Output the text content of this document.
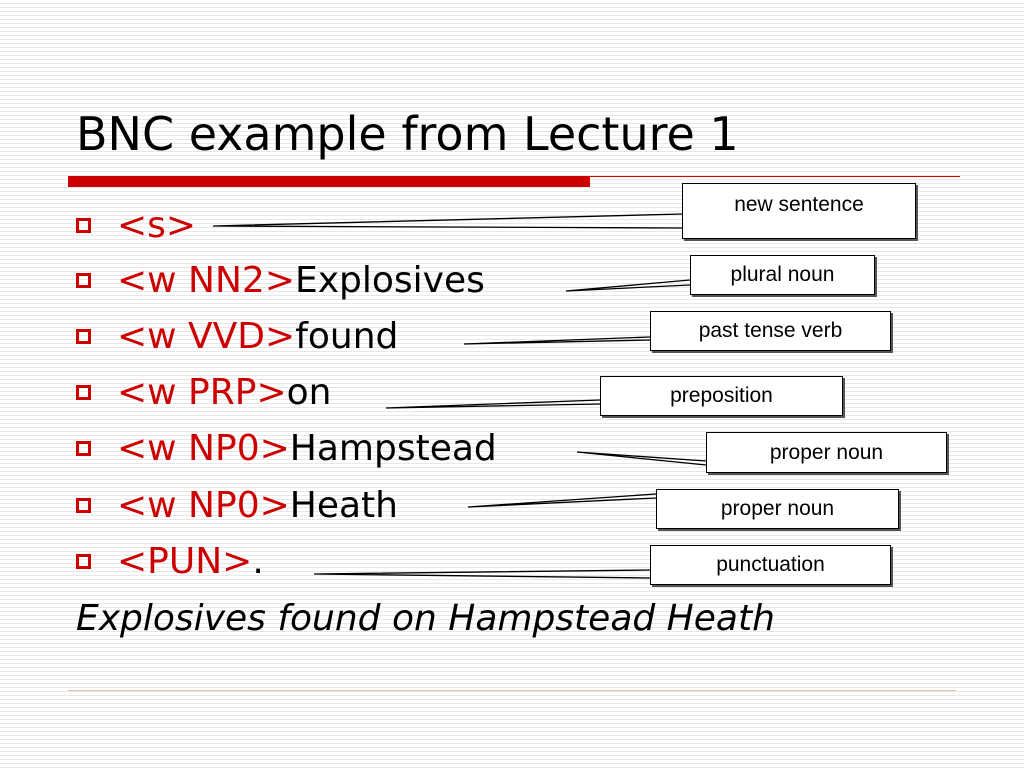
BNC example from Lecture 1
<s>
<w NN2>Explosives
<w VVD>found
<w PRP>on
<w NP0>Hampstead
<w NP0>Heath
<PUN>.
Explosives found on Hampstead Heath
new sentence
plural noun
past tense verb
preposition
proper noun
proper noun
punctuation
